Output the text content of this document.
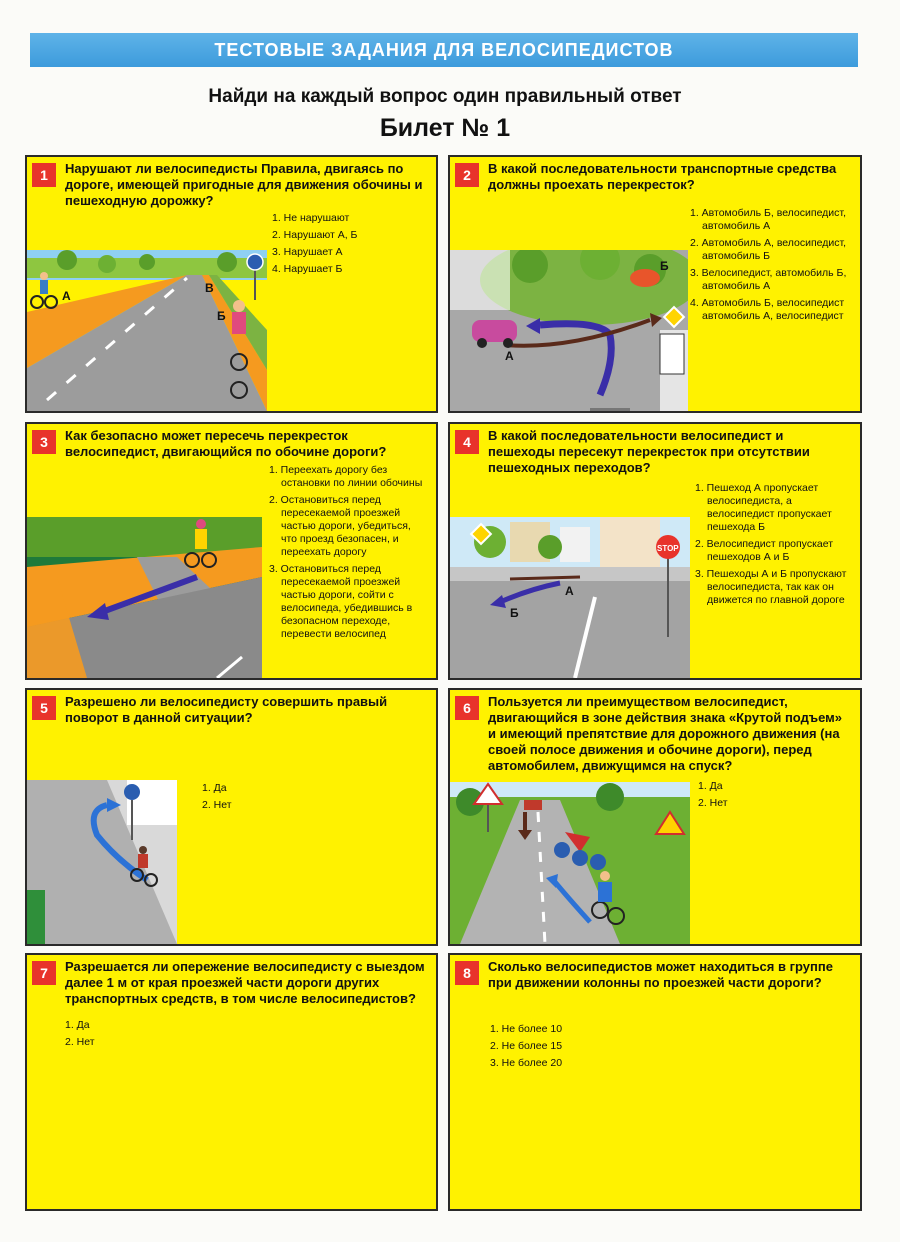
ТЕСТОВЫЕ ЗАДАНИЯ ДЛЯ ВЕЛОСИПЕДИСТОВ
Найди на каждый вопрос один правильный ответ
Билет № 1
1	Нарушают ли велосипедисты Правила, двигаясь по дороге, имеющей пригодные для движения обочины и пешеходную дорожку?
1. Не нарушают
2. Нарушают А, Б
3. Нарушает А
4. Нарушает Б
А
В
Б
2	В какой последовательности транспортные средства должны проехать перекресток?
1. Автомобиль Б, велосипедист, автомобиль А
2. Автомобиль А, велосипедист, автомобиль Б
3. Велосипедист, автомобиль Б, автомобиль А
4. Автомобиль Б, велосипедист автомобиль А, велосипедист
А
Б
3	Как безопасно может пересечь перекресток велосипедист, двигающийся по обочине дороги?
1. Переехать дорогу без остановки по линии обочины
2. Остановиться перед пересекаемой проезжей частью дороги, убедиться, что проезд безопасен, и переехать дорогу
3. Остановиться перед пересекаемой проезжей частью дороги, сойти с велосипеда, убедившись в безопасном переходе, перевести велосипед
4	В какой последовательности велосипедист и пешеходы пересекут перекресток при отсутствии пешеходных переходов?
1. Пешеход А пропускает велосипедиста, а велосипедист пропускает пешехода Б
2. Велосипедист пропускает пешеходов А и Б
3. Пешеходы А и Б пропускают велосипедиста, так как он движется по главной дороге
А
Б
STOP
5	Разрешено ли велосипедисту совершить правый поворот в данной ситуации?
1. Да
2. Нет
6	Пользуется ли преимуществом велосипедист, двигающийся в зоне действия знака «Крутой подъем» и имеющий препятствие для дорожного движения (на своей полосе движения и обочине дороги), перед автомобилем, движущимся на спуск?
1. Да
2. Нет
7	Разрешается ли опережение велосипедисту с выездом далее 1 м от края проезжей части дороги других транспортных средств, в том числе велосипедистов?
1. Да
2. Нет
8	Сколько велосипедистов может находиться в группе при движении колонны по проезжей части дороги?
1. Не более 10
2. Не более 15
3. Не более 20
